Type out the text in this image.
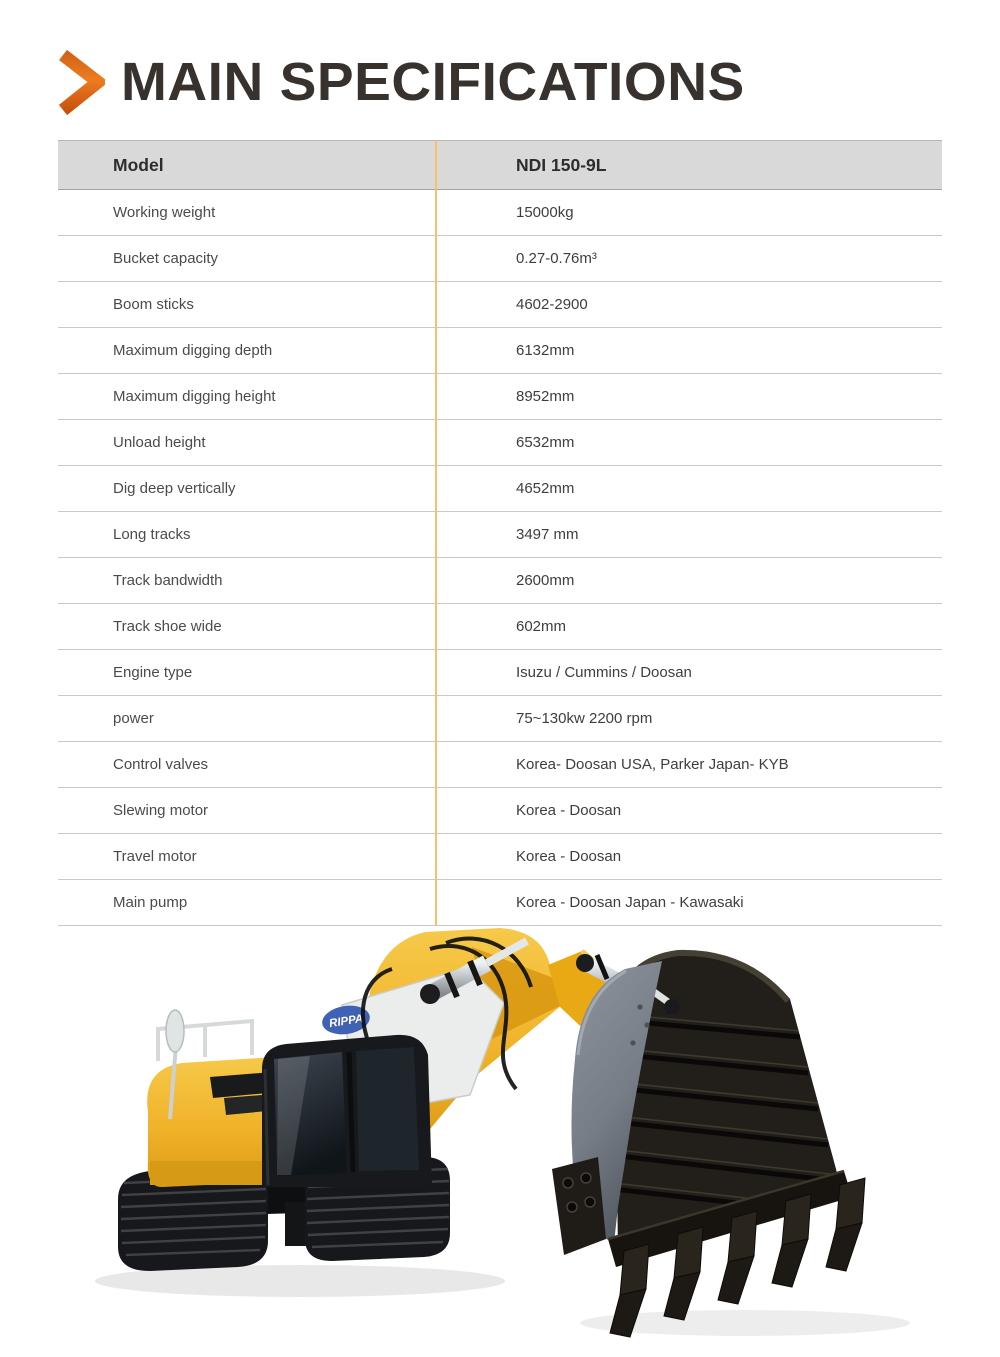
MAIN SPECIFICATIONS
Model	NDI 150-9L
Working weight	15000kg
Bucket capacity	0.27-0.76m³
Boom sticks	4602-2900
Maximum digging depth	6132mm
Maximum digging height	8952mm
Unload height	6532mm
Dig deep vertically	4652mm
Long tracks	3497 mm
Track bandwidth	2600mm
Track shoe wide	602mm
Engine type	Isuzu / Cummins / Doosan
power	75~130kw 2200 rpm
Control valves	Korea- Doosan USA, Parker Japan- KYB
Slewing motor	Korea - Doosan
Travel motor	Korea - Doosan
Main pump	Korea - Doosan Japan - Kawasaki
RIPPA
